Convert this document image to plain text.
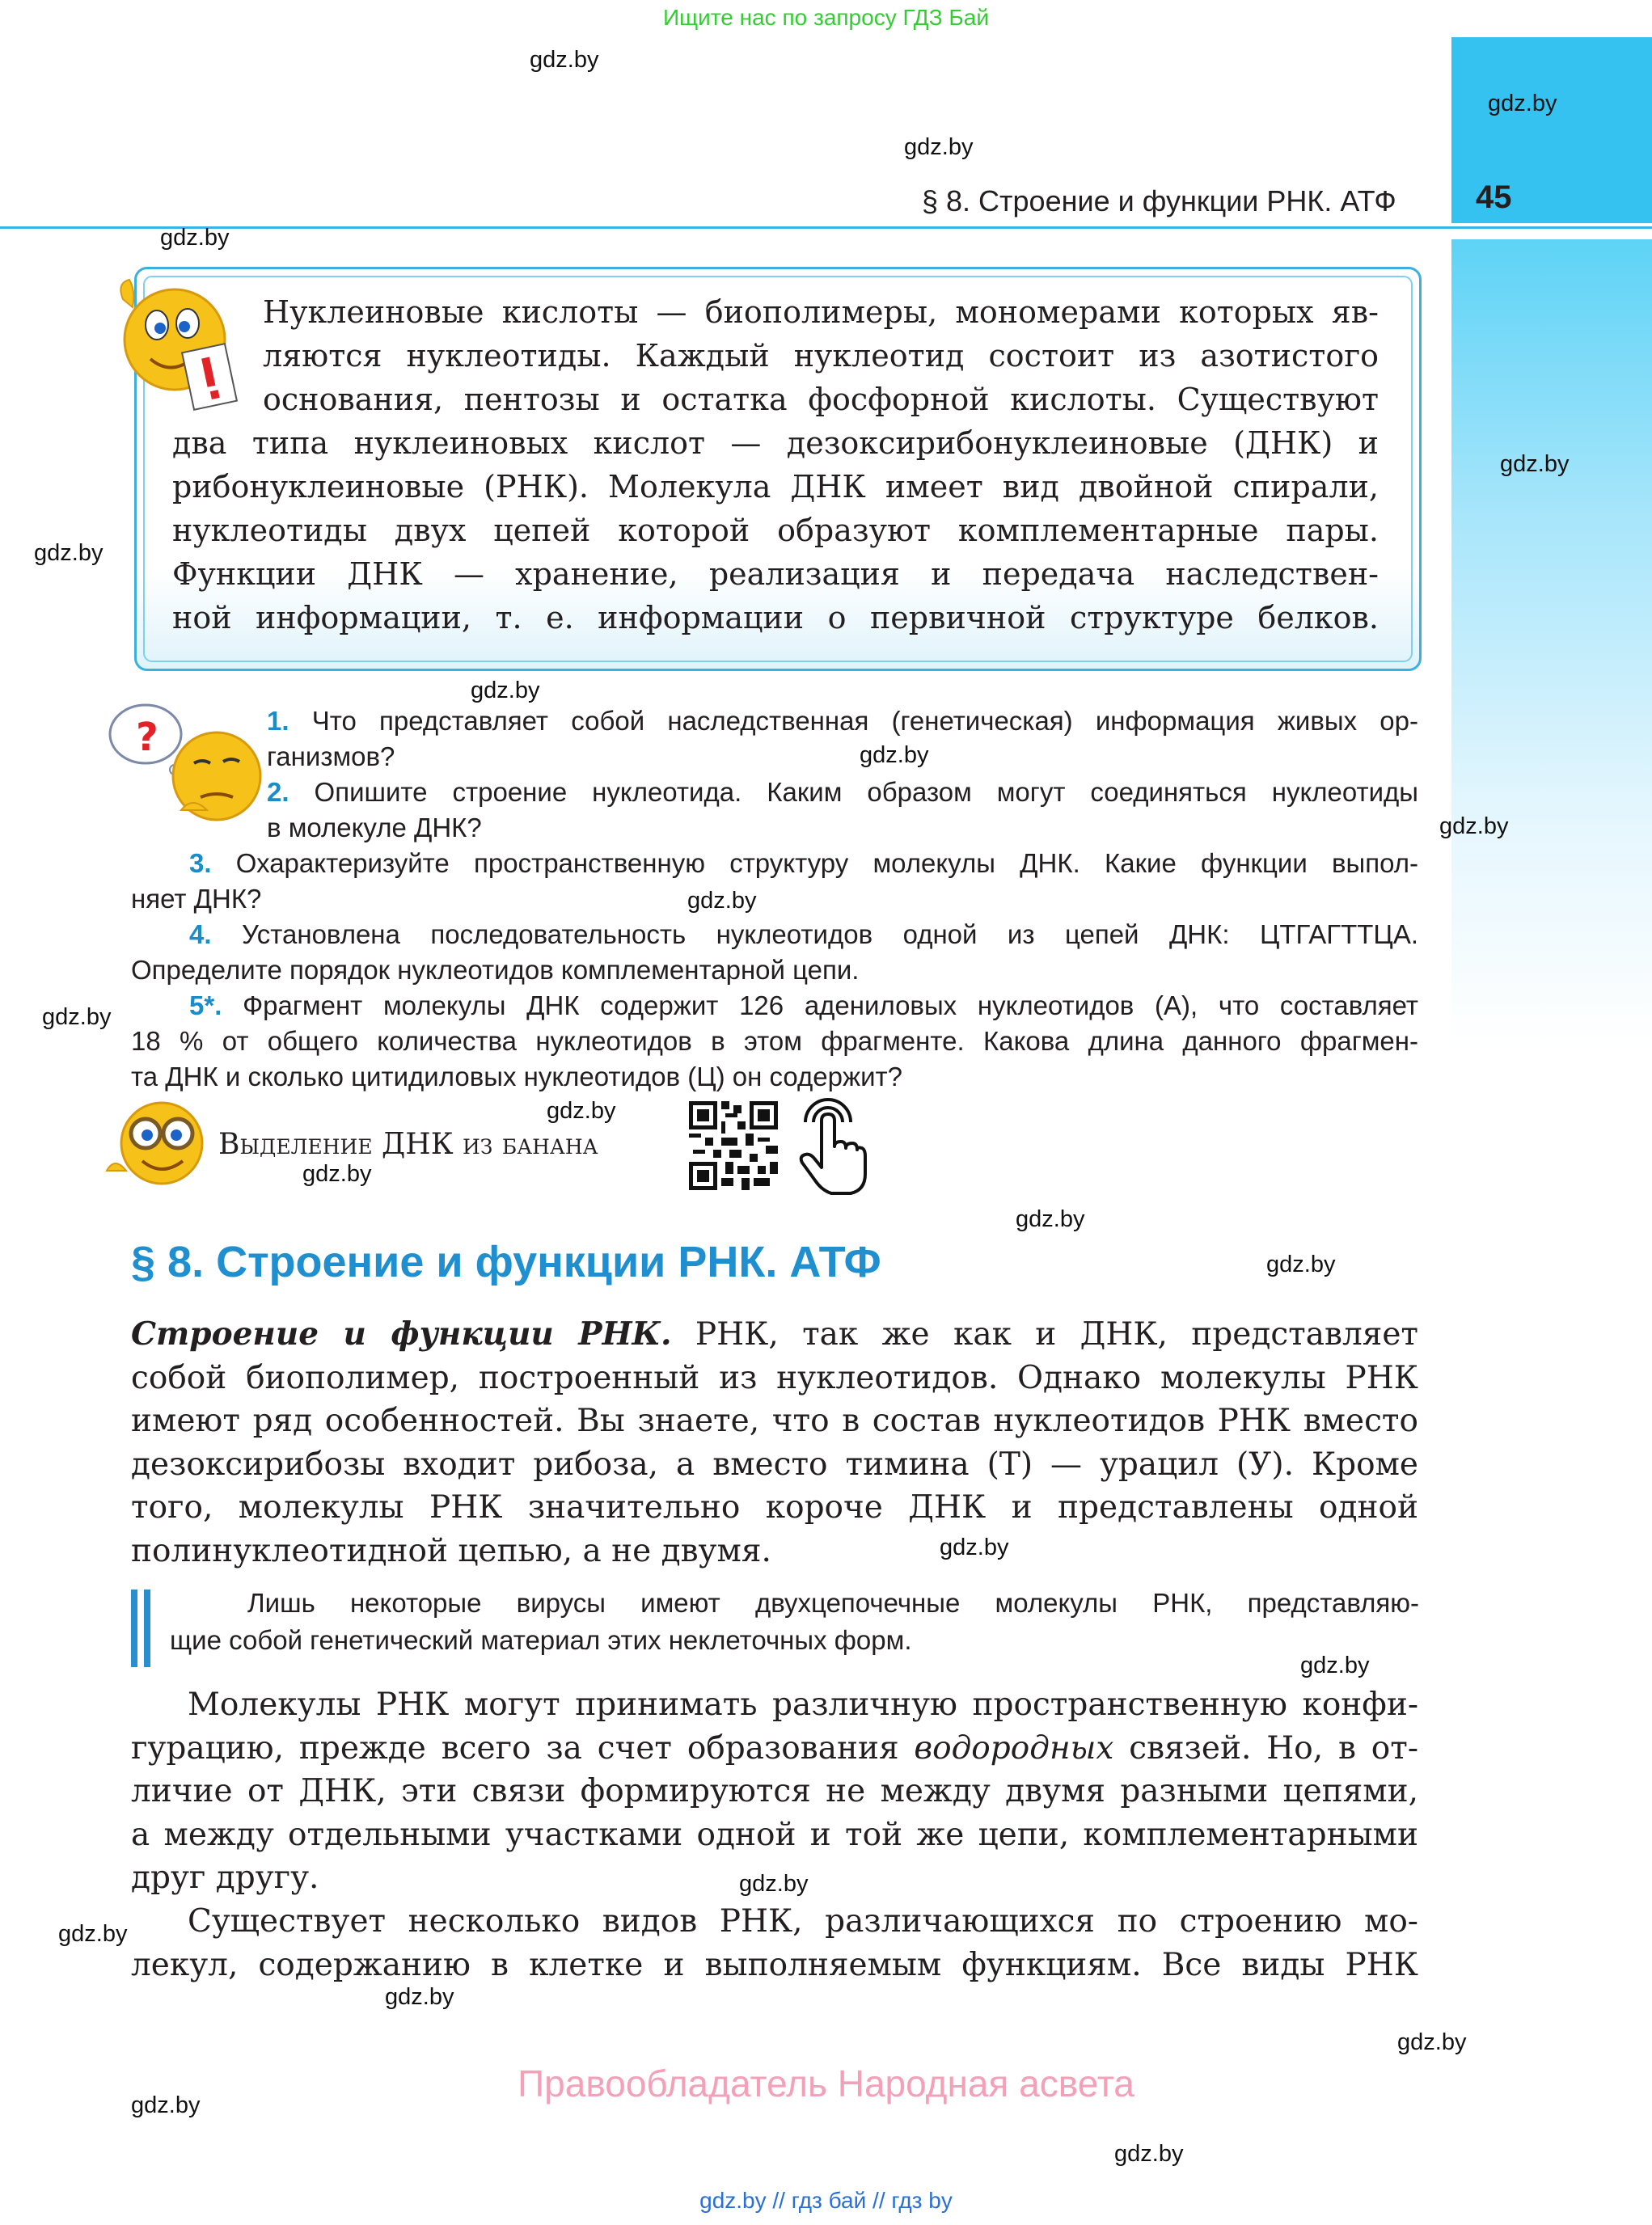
Ищите нас по запросу ГДЗ Бай
§ 8. Строение и функции РНК. АТФ 45
gdz.by
gdz.by
gdz.by
gdz.by
gdz.by
gdz.by
gdz.by
gdz.by
gdz.by
gdz.by
gdz.by
gdz.by
gdz.by
gdz.by
gdz.by
gdz.by
gdz.by
gdz.by
gdz.by
gdz.by
gdz.by
gdz.by
gdz.by
Нуклеиновые кислоты — биополимеры, мономерами которых яв-
ляются нуклеотиды. Каждый нуклеотид состоит из азотистого
основания, пентозы и остатка фосфорной кислоты. Существуют
два типа нуклеиновых кислот — дезоксирибонуклеиновые (ДНК) и
рибонуклеиновые (РНК). Молекула ДНК имеет вид двойной спирали,
нуклеотиды двух цепей которой образуют комплементарные пары.
Функции ДНК — хранение, реализация и передача наследствен-
ной информации, т. е. информации о первичной структуре белков.
?	1. Что представляет собой наследственная (генетическая) информация живых ор-
ганизмов?
2. Опишите строение нуклеотида. Каким образом могут соединяться нуклеотиды
в молекуле ДНК?
3. Охарактеризуйте пространственную структуру молекулы ДНК. Какие функции выпол-
няет ДНК?
4. Установлена последовательность нуклеотидов одной из цепей ДНК: ЦТГАГТТЦА.
Определите порядок нуклеотидов комплементарной цепи.
5*. Фрагмент молекулы ДНК содержит 126 адениловых нуклеотидов (А), что составляет
18 % от общего количества нуклеотидов в этом фрагменте. Какова длина данного фрагмен-
та ДНК и сколько цитидиловых нуклеотидов (Ц) он содержит?
Выделение ДНК из банана
§ 8. Строение и функции РНК. АТФ
Строение и функции РНК. РНК, так же как и ДНК, представляет
собой биополимер, построенный из нуклеотидов. Однако молекулы РНК
имеют ряд особенностей. Вы знаете, что в состав нуклеотидов РНК вместо
дезоксирибозы входит рибоза, а вместо тимина (Т) — урацил (У). Кроме
того, молекулы РНК значительно короче ДНК и представлены одной
полинуклеотидной цепью, а не двумя.
Лишь некоторые вирусы имеют двухцепочечные молекулы РНК, представляю-
щие собой генетический материал этих неклеточных форм.
Молекулы РНК могут принимать различную пространственную конфи-
гурацию, прежде всего за счет образования водородных связей. Но, в от-
личие от ДНК, эти связи формируются не между двумя разными цепями,
а между отдельными участками одной и той же цепи, комплементарными
друг другу.
Существует несколько видов РНК, различающихся по строению мо-
лекул, содержанию в клетке и выполняемым функциям. Все виды РНК
Правообладатель Народная асвета
gdz.by // гдз бай // гдз by
